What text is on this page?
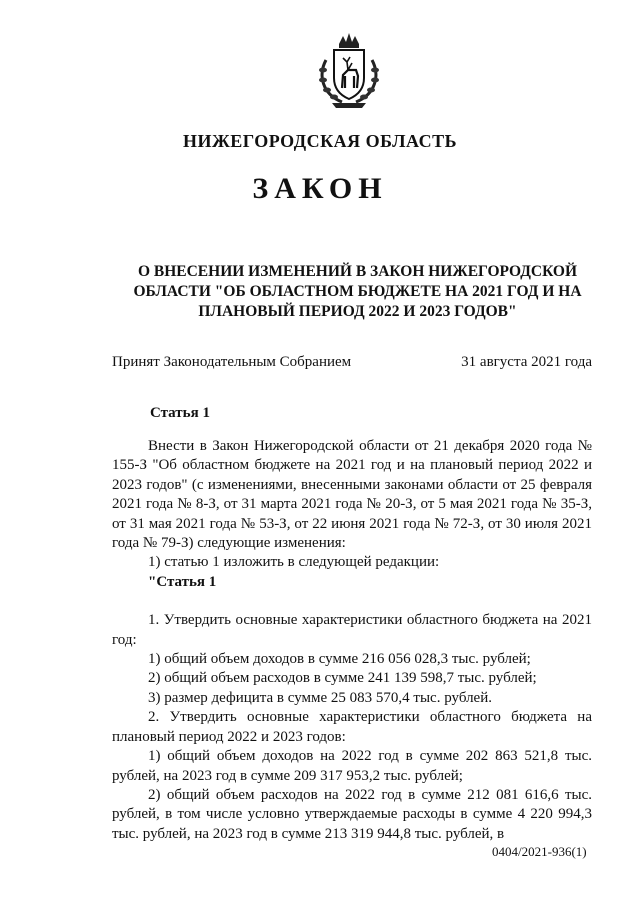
НИЖЕГОРОДСКАЯ ОБЛАСТЬ
ЗАКОН
О ВНЕСЕНИИ ИЗМЕНЕНИЙ В ЗАКОН НИЖЕГОРОДСКОЙ
ОБЛАСТИ "ОБ ОБЛАСТНОМ БЮДЖЕТЕ НА 2021 ГОД И НА
ПЛАНОВЫЙ ПЕРИОД 2022 И 2023 ГОДОВ"
Принят Законодательным Собранием	31 августа 2021 года
Статья 1

Внести в Закон Нижегородской области от 21 декабря 2020 года № 155-З "Об областном бюджете на 2021 год и на плановый период 2022 и 2023 годов" (с изменениями, внесенными законами области от 25 февраля 2021 года № 8-З, от 31 марта 2021 года № 20-З, от 5 мая 2021 года № 35-З, от 31 мая 2021 года № 53-З, от 22 июня 2021 года № 72-З, от 30 июля 2021 года № 79-З) следующие изменения:

1) статью 1 изложить в следующей редакции:

"Статья 1

1. Утвердить основные характеристики областного бюджета на 2021 год:

1) общий объем доходов в сумме 216 056 028,3 тыс. рублей;

2) общий объем расходов в сумме 241 139 598,7 тыс. рублей;

3) размер дефицита в сумме 25 083 570,4 тыс. рублей.

2. Утвердить основные характеристики областного бюджета на плановый период 2022 и 2023 годов:

1) общий объем доходов на 2022 год в сумме 202 863 521,8 тыс. рублей, на 2023 год в сумме 209 317 953,2 тыс. рублей;

2) общий объем расходов на 2022 год в сумме 212 081 616,6 тыс. рублей, в том числе условно утверждаемые расходы в сумме 4 220 994,3 тыс. рублей, на 2023 год в сумме 213 319 944,8 тыс. рублей, в

0404/2021-936(1)
